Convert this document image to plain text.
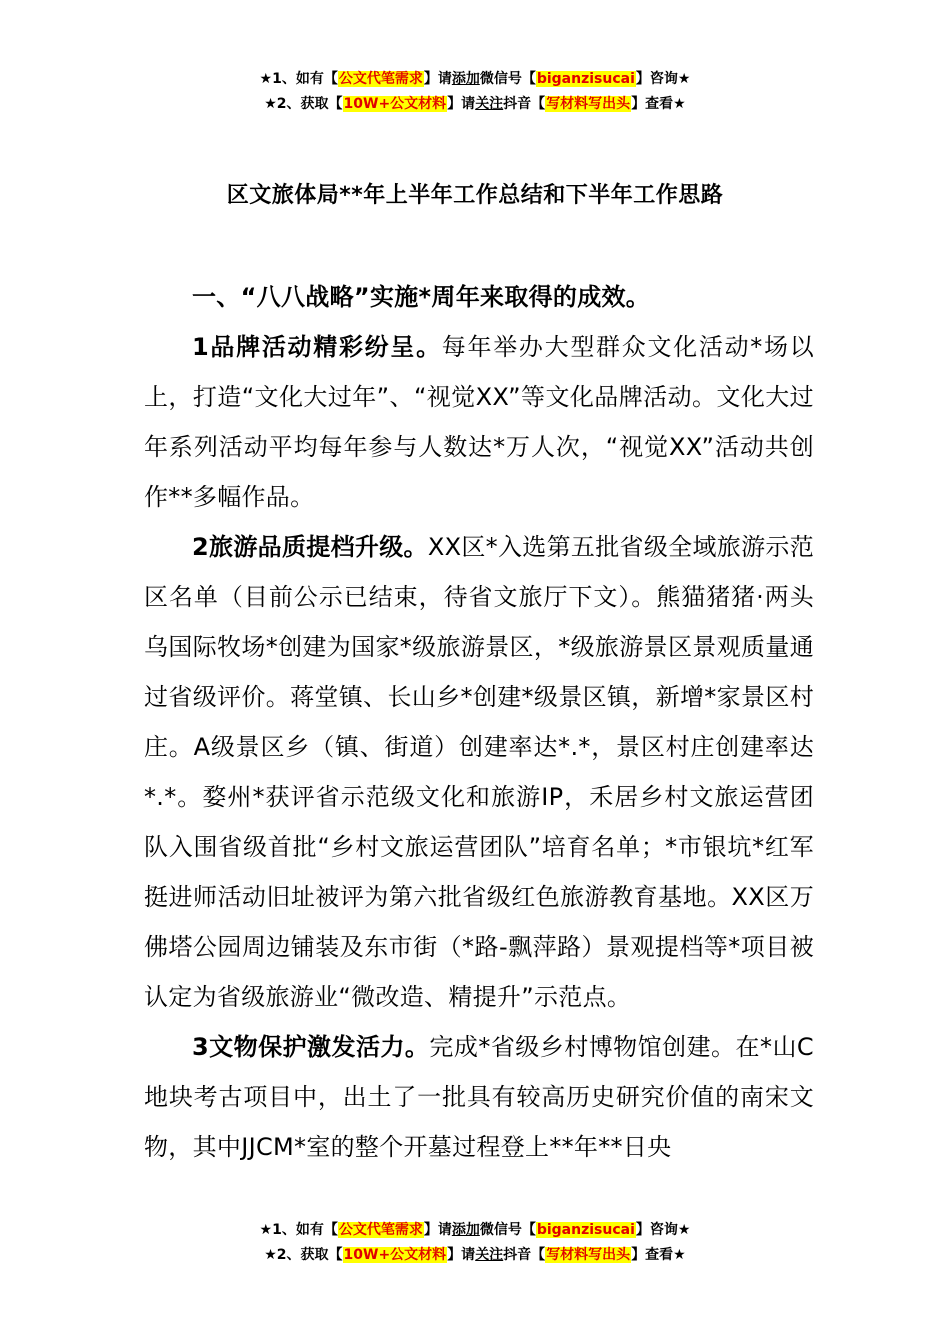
★1、如有【公文代笔需求】请添加微信号【biganzisucai】咨询★
★2、获取【10W+公文材料】请关注抖音【写材料写出头】查看★
区文旅体局**年上半年工作总结和下半年工作思路

一、“八八战略”实施*周年来取得的成效。

1品牌活动精彩纷呈。每年举办大型群众文化活动*场以上，打造“文化大过年”、“视觉XX”等文化品牌活动。文化大过年系列活动平均每年参与人数达*万人次，“视觉XX”活动共创作**多幅作品。

2旅游品质提档升级。XX区*入选第五批省级全域旅游示范区名单（目前公示已结束，待省文旅厅下文）。熊猫猪猪·两头乌国际牧场*创建为国家*级旅游景区，*级旅游景区景观质量通过省级评价。蒋堂镇、长山乡*创建*级景区镇，新增*家景区村庄。A级景区乡（镇、街道）创建率达*.*，景区村庄创建率达*.*。婺州*获评省示范级文化和旅游IP，禾居乡村文旅运营团队入围省级首批“乡村文旅运营团队”培育名单；*市银坑*红军挺进师活动旧址被评为第六批省级红色旅游教育基地。XX区万佛塔公园周边铺装及东市街（*路-飘萍路）景观提档等*项目被认定为省级旅游业“微改造、精提升”示范点。

3文物保护激发活力。完成*省级乡村博物馆创建。在*山C地块考古项目中，出土了一批具有较高历史研究价值的南宋文物，其中JJCM*室的整个开墓过程登上**年**日央

★1、如有【公文代笔需求】请添加微信号【biganzisucai】咨询★
★2、获取【10W+公文材料】请关注抖音【写材料写出头】查看★
